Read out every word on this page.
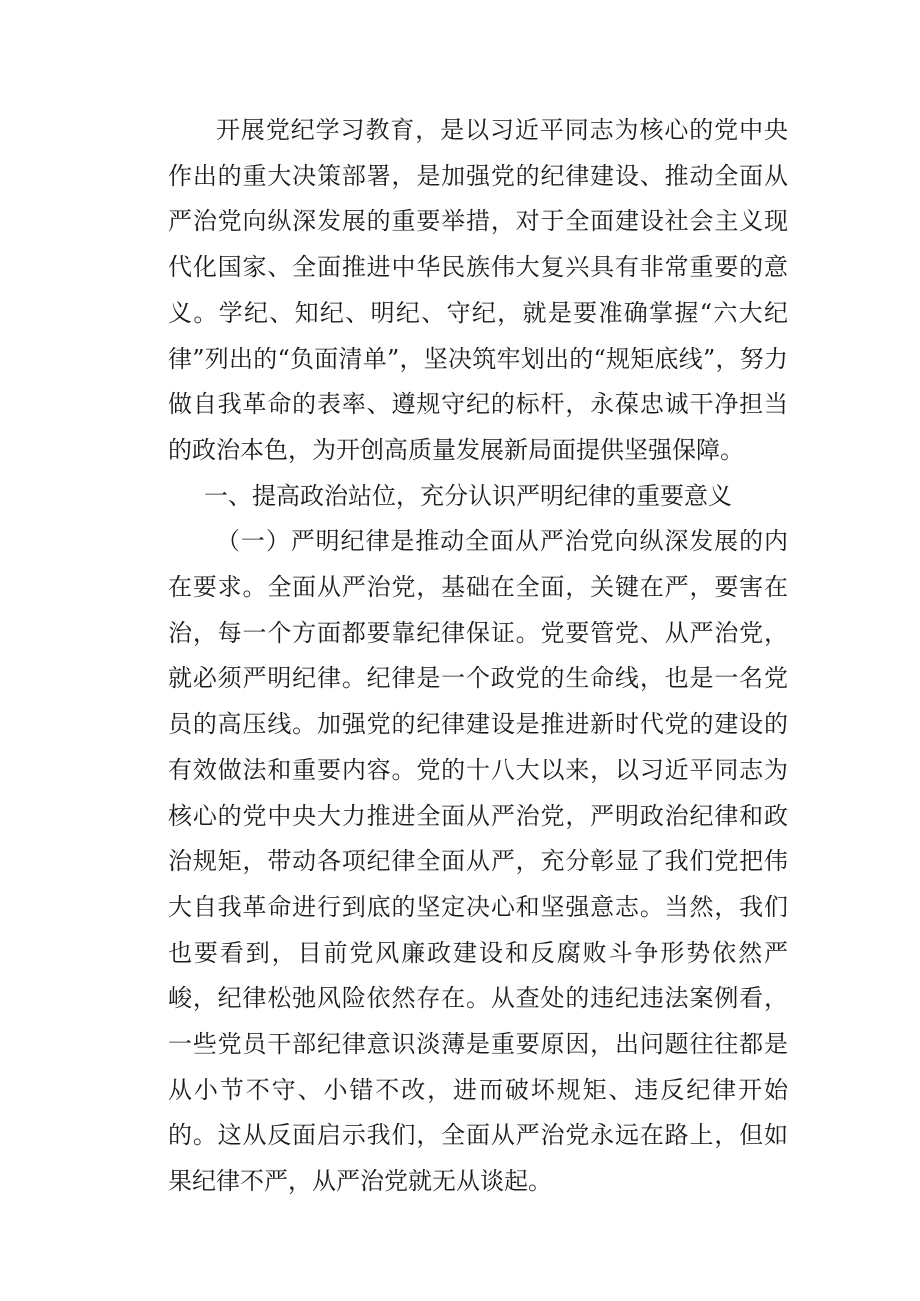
开展党纪学习教育，是以习近平同志为核心的党中央作出的重大决策部署，是加强党的纪律建设、推动全面从严治党向纵深发展的重要举措，对于全面建设社会主义现代化国家、全面推进中华民族伟大复兴具有非常重要的意义。学纪、知纪、明纪、守纪，就是要准确掌握“六大纪律”列出的“负面清单”，坚决筑牢划出的“规矩底线”，努力做自我革命的表率、遵规守纪的标杆，永葆忠诚干净担当的政治本色，为开创高质量发展新局面提供坚强保障。

一、提高政治站位，充分认识严明纪律的重要意义

（一）严明纪律是推动全面从严治党向纵深发展的内在要求。全面从严治党，基础在全面，关键在严，要害在治，每一个方面都要靠纪律保证。党要管党、从严治党，就必须严明纪律。纪律是一个政党的生命线，也是一名党员的高压线。加强党的纪律建设是推进新时代党的建设的有效做法和重要内容。党的十八大以来，以习近平同志为核心的党中央大力推进全面从严治党，严明政治纪律和政治规矩，带动各项纪律全面从严，充分彰显了我们党把伟大自我革命进行到底的坚定决心和坚强意志。当然，我们也要看到，目前党风廉政建设和反腐败斗争形势依然严峻，纪律松弛风险依然存在。从查处的违纪违法案例看，一些党员干部纪律意识淡薄是重要原因，出问题往往都是从小节不守、小错不改，进而破坏规矩、违反纪律开始的。这从反面启示我们，全面从严治党永远在路上，但如果纪律不严，从严治党就无从谈起。
